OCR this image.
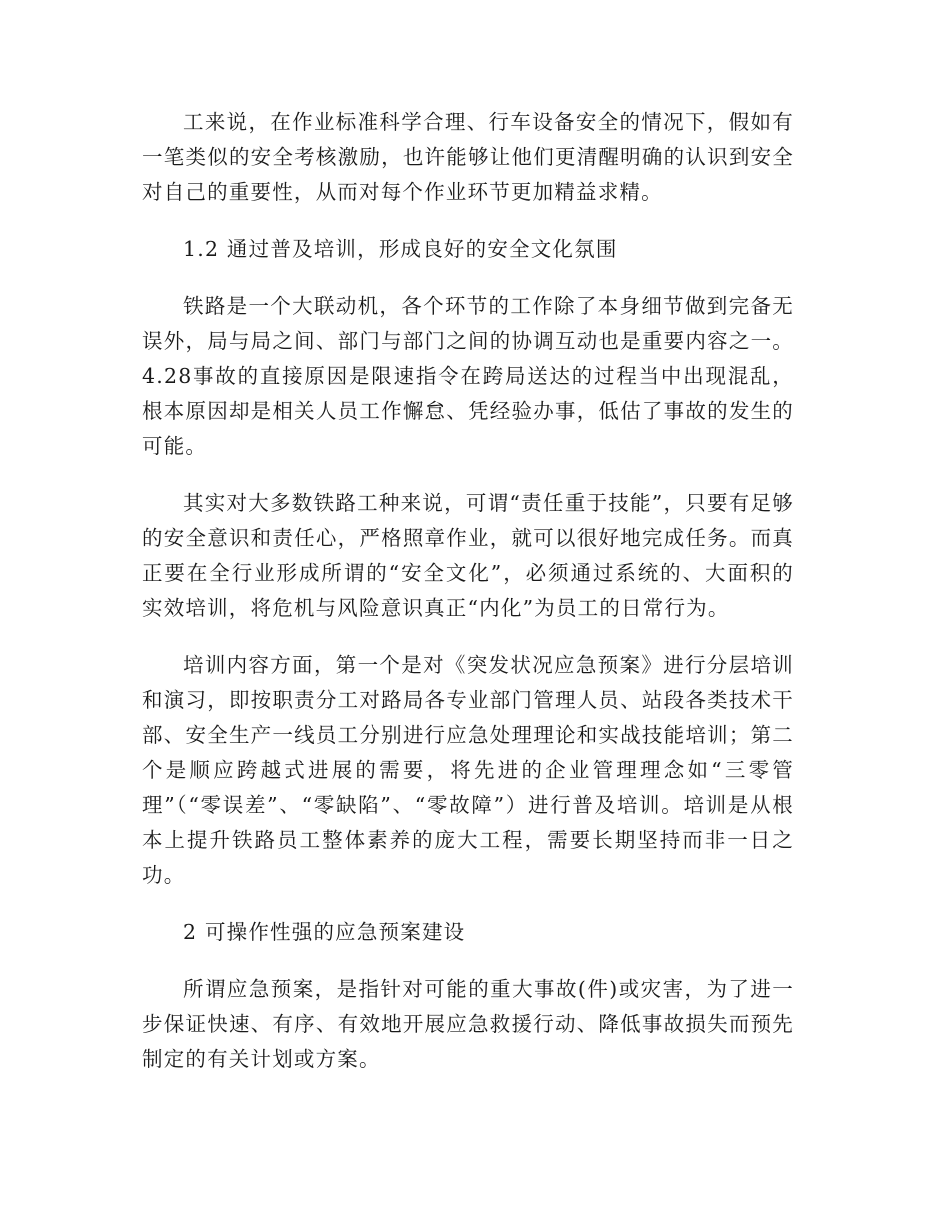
工来说，在作业标准科学合理、行车设备安全的情况下，假如有一笔类似的安全考核激励，也许能够让他们更清醒明确的认识到安全对自己的重要性，从而对每个作业环节更加精益求精。

1.2 通过普及培训，形成良好的安全文化氛围

铁路是一个大联动机，各个环节的工作除了本身细节做到完备无误外，局与局之间、部门与部门之间的协调互动也是重要内容之一。4.28事故的直接原因是限速指令在跨局送达的过程当中出现混乱，根本原因却是相关人员工作懈怠、凭经验办事，低估了事故的发生的可能。

其实对大多数铁路工种来说，可谓“责任重于技能”，只要有足够的安全意识和责任心，严格照章作业，就可以很好地完成任务。而真正要在全行业形成所谓的“安全文化”，必须通过系统的、大面积的实效培训，将危机与风险意识真正“内化”为员工的日常行为。

培训内容方面，第一个是对《突发状况应急预案》进行分层培训和演习，即按职责分工对路局各专业部门管理人员、站段各类技术干部、安全生产一线员工分别进行应急处理理论和实战技能培训；第二个是顺应跨越式进展的需要，将先进的企业管理理念如“三零管理”（“零误差”、“零缺陷”、“零故障”）进行普及培训。培训是从根本上提升铁路员工整体素养的庞大工程，需要长期坚持而非一日之功。

2 可操作性强的应急预案建设

所谓应急预案，是指针对可能的重大事故(件)或灾害，为了进一步保证快速、有序、有效地开展应急救援行动、降低事故损失而预先制定的有关计划或方案。
